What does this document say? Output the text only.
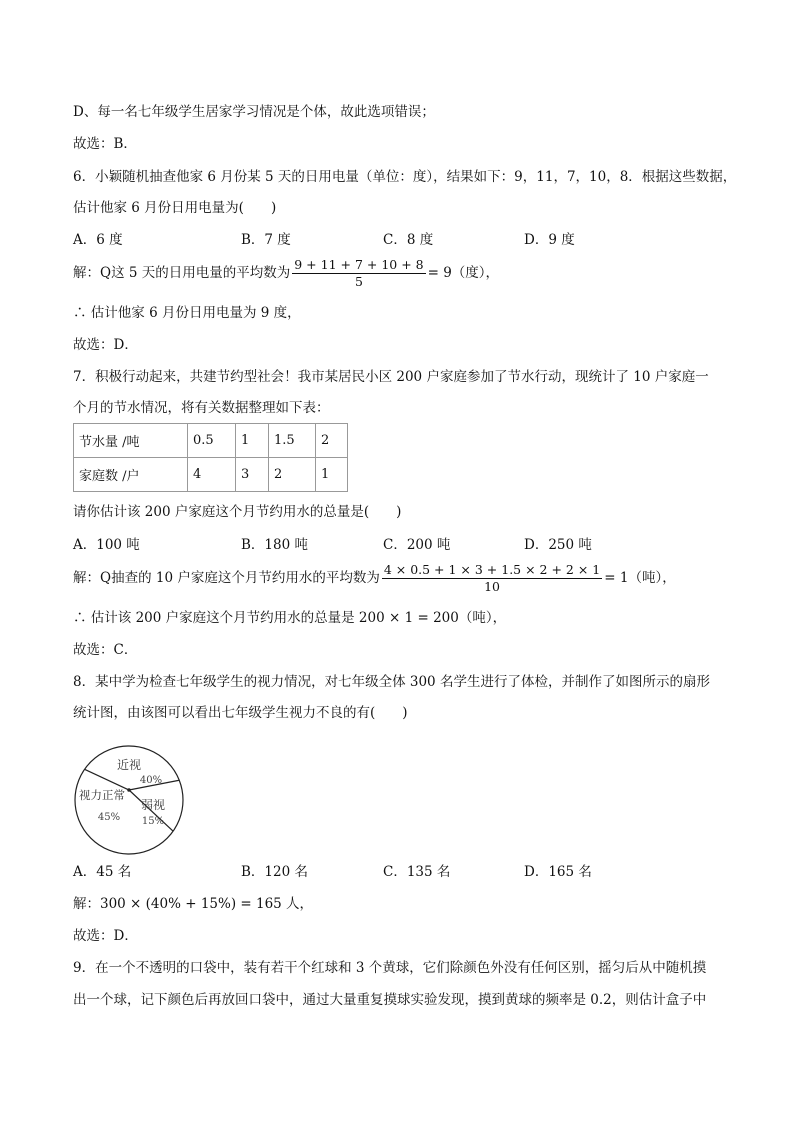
D、每一名七年级学生居家学习情况是个体，故此选项错误；
故选：B．
6．小颖随机抽查他家 6 月份某 5 天的日用电量（单位：度），结果如下：9，11，7，10，8．根据这些数据，
估计他家 6 月份日用电量为(　　)
A．6 度	B．7 度	C．8 度	D．9 度
解：Q这 5 天的日用电量的平均数为 $\frac{9 + 11 + 7 + 10 + 8}{5} = 9$（度），
∴ 估计他家 6 月份日用电量为 9 度，
故选：D．
7．积极行动起来，共建节约型社会！我市某居民小区 200 户家庭参加了节水行动，现统计了 10 户家庭一
个月的节水情况，将有关数据整理如下表：
节水量 /吨	0.5	1	1.5	2
家庭数 /户	4	3	2	1
请你估计该 200 户家庭这个月节约用水的总量是(　　)
A．100 吨	B．180 吨	C．200 吨	D．250 吨
解：Q抽查的 10 户家庭这个月节约用水的平均数为 $\frac{4 \times 0.5 + 1 \times 3 + 1.5 \times 2 + 2 \times 1}{10} = 1$（吨），
∴ 估计该 200 户家庭这个月节约用水的总量是 200 × 1 = 200（吨），
故选：C．
8．某中学为检查七年级学生的视力情况，对七年级全体 300 名学生进行了体检，并制作了如图所示的扇形
统计图，由该图可以看出七年级学生视力不良的有(　　)
近视
40%
弱视
15%
视力正常
45%
A．45 名	B．120 名	C．135 名	D．165 名
解：300 × (40% + 15%) = 165 人，
故选：D．
9．在一个不透明的口袋中，装有若干个红球和 3 个黄球，它们除颜色外没有任何区别，摇匀后从中随机摸
出一个球，记下颜色后再放回口袋中，通过大量重复摸球实验发现，摸到黄球的频率是 0.2，则估计盒子中
